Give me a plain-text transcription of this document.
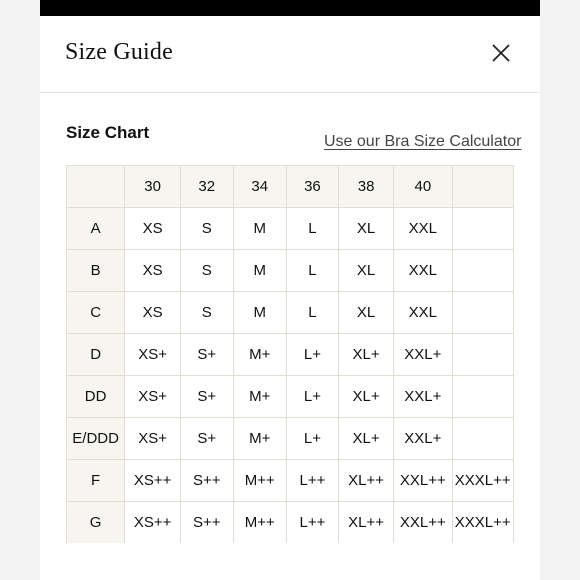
Size Guide
Size Chart	Use our Bra Size Calculator
	30	32	34	36	38	40	
A	XS	S	M	L	XL	XXL	
B	XS	S	M	L	XL	XXL	
C	XS	S	M	L	XL	XXL	
D	XS+	S+	M+	L+	XL+	XXL+	
DD	XS+	S+	M+	L+	XL+	XXL+	
E/DDD	XS+	S+	M+	L+	XL+	XXL+	
F	XS++	S++	M++	L++	XL++	XXL++	XXXL++
G	XS++	S++	M++	L++	XL++	XXL++	XXXL++
